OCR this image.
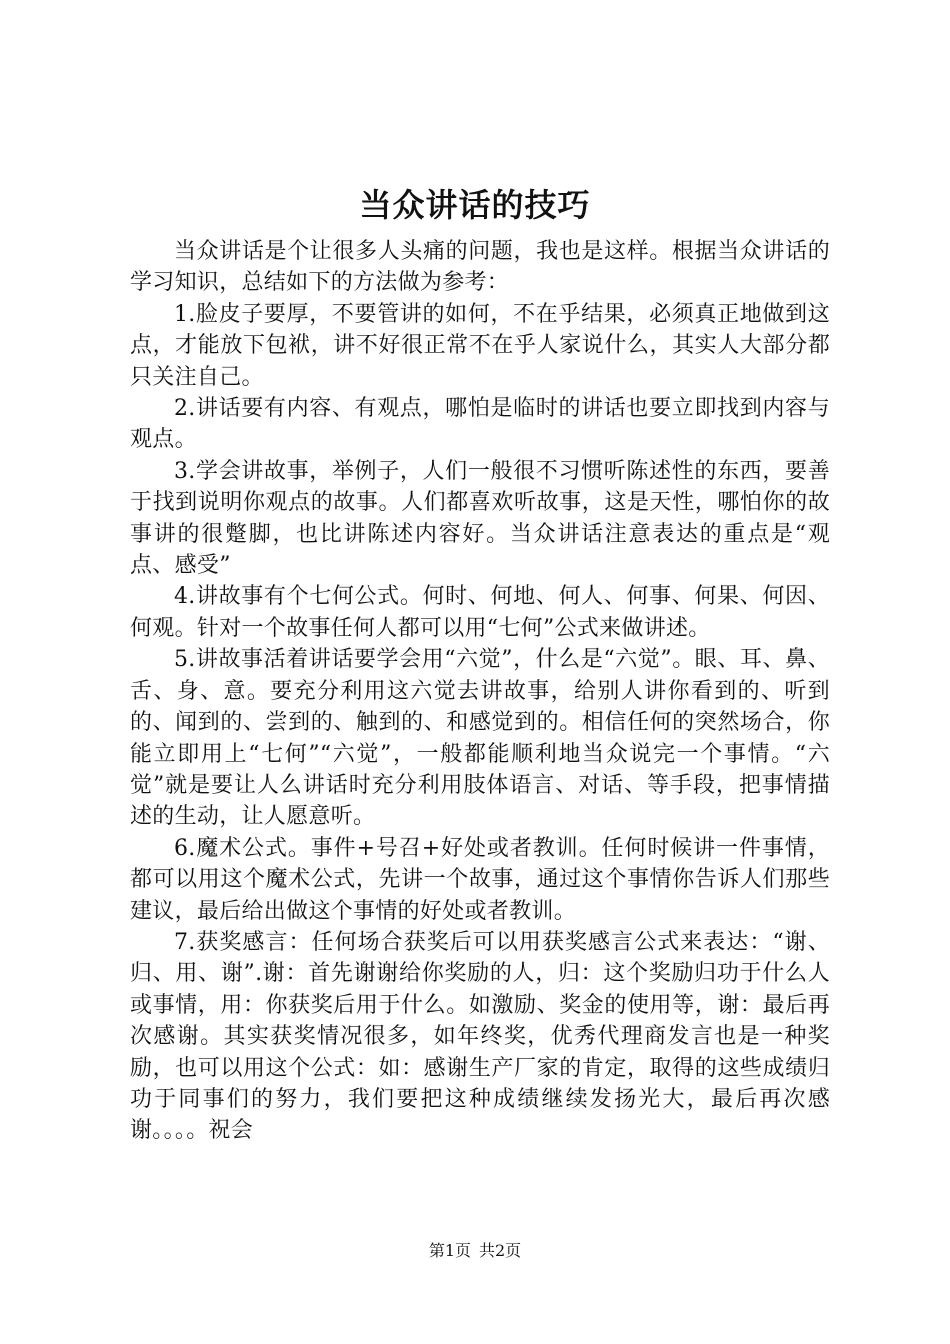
当众讲话的技巧

当众讲话是个让很多人头痛的问题，我也是这样。根据当众讲话的学习知识，总结如下的方法做为参考：

1.脸皮子要厚，不要管讲的如何，不在乎结果，必须真正地做到这点，才能放下包袱，讲不好很正常不在乎人家说什么，其实人大部分都只关注自己。

2.讲话要有内容、有观点，哪怕是临时的讲话也要立即找到内容与观点。

3.学会讲故事，举例子，人们一般很不习惯听陈述性的东西，要善于找到说明你观点的故事。人们都喜欢听故事，这是天性，哪怕你的故事讲的很蹩脚，也比讲陈述内容好。当众讲话注意表达的重点是“观点、感受”

4.讲故事有个七何公式。何时、何地、何人、何事、何果、何因、何观。针对一个故事任何人都可以用“七何”公式来做讲述。

5.讲故事活着讲话要学会用“六觉”，什么是“六觉”。眼、耳、鼻、舌、身、意。要充分利用这六觉去讲故事，给别人讲你看到的、听到的、闻到的、尝到的、触到的、和感觉到的。相信任何的突然场合，你能立即用上“七何”“六觉”，一般都能顺利地当众说完一个事情。“六觉”就是要让人么讲话时充分利用肢体语言、对话、等手段，把事情描述的生动，让人愿意听。

6.魔术公式。事件+号召+好处或者教训。任何时候讲一件事情，都可以用这个魔术公式，先讲一个故事，通过这个事情你告诉人们那些建议，最后给出做这个事情的好处或者教训。

7.获奖感言：任何场合获奖后可以用获奖感言公式来表达：“谢、归、用、谢”.谢：首先谢谢给你奖励的人，归：这个奖励归功于什么人或事情，用：你获奖后用于什么。如激励、奖金的使用等，谢：最后再次感谢。其实获奖情况很多，如年终奖，优秀代理商发言也是一种奖励，也可以用这个公式：如：感谢生产厂家的肯定，取得的这些成绩归功于同事们的努力，我们要把这种成绩继续发扬光大，最后再次感谢。。。。祝会

第1页 共2页
